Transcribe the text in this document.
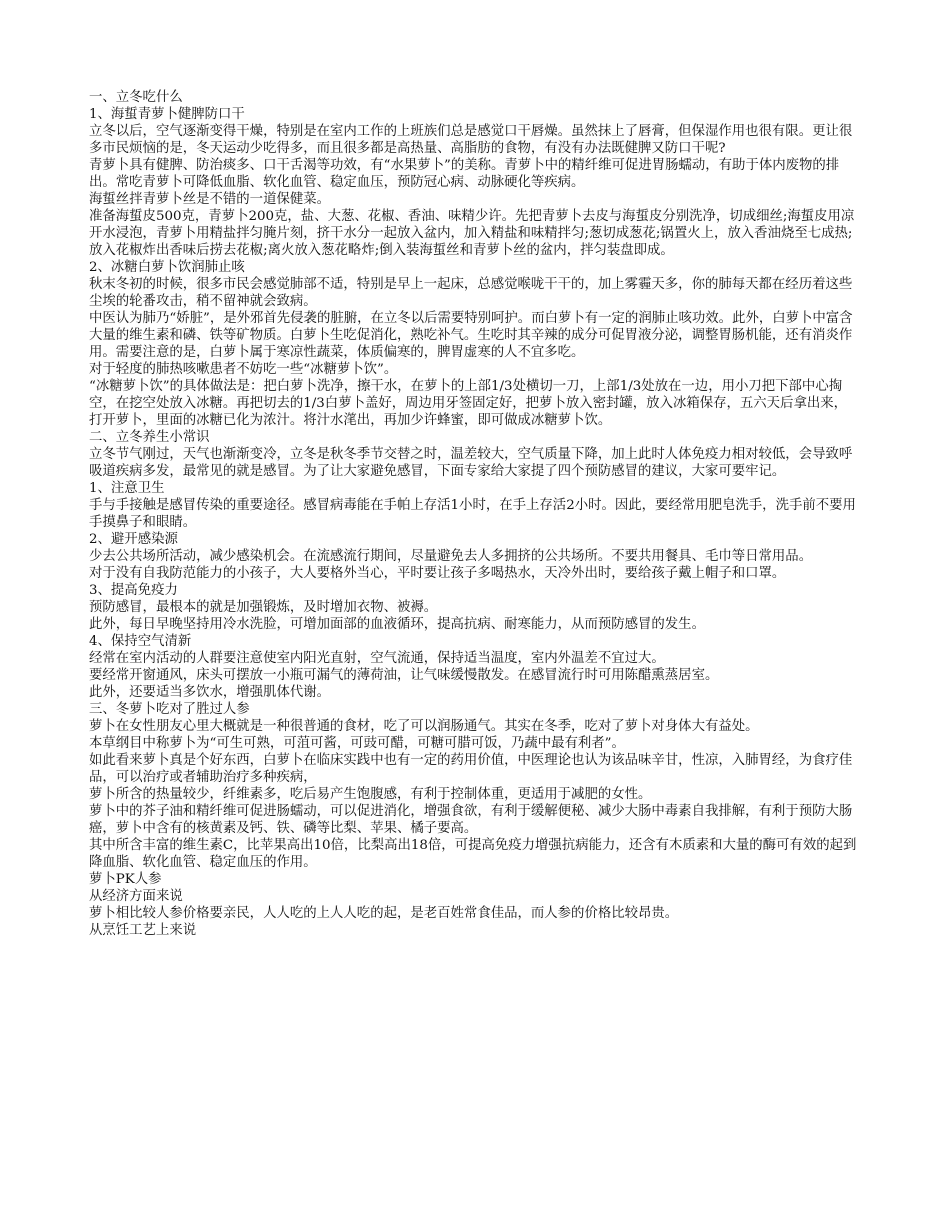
一、立冬吃什么

1、海蜇青萝卜健脾防口干

立冬以后，空气逐渐变得干燥，特别是在室内工作的上班族们总是感觉口干唇燥。虽然抹上了唇膏，但保湿作用也很有限。更让很多市民烦恼的是，冬天运动少吃得多，而且很多都是高热量、高脂肪的食物，有没有办法既健脾又防口干呢?

青萝卜具有健脾、防治痰多、口干舌渴等功效，有“水果萝卜”的美称。青萝卜中的精纤维可促进胃肠蠕动，有助于体内废物的排出。常吃青萝卜可降低血脂、软化血管、稳定血压，预防冠心病、动脉硬化等疾病。

海蜇丝拌青萝卜丝是不错的一道保健菜。

准备海蜇皮500克，青萝卜200克，盐、大葱、花椒、香油、味精少许。先把青萝卜去皮与海蜇皮分别洗净，切成细丝;海蜇皮用凉开水浸泡，青萝卜用精盐拌匀腌片刻，挤干水分一起放入盆内，加入精盐和味精拌匀;葱切成葱花;锅置火上，放入香油烧至七成热;放入花椒炸出香味后捞去花椒;离火放入葱花略炸;倒入装海蜇丝和青萝卜丝的盆内，拌匀装盘即成。

2、冰糖白萝卜饮润肺止咳

秋末冬初的时候，很多市民会感觉肺部不适，特别是早上一起床，总感觉喉咙干干的，加上雾霾天多，你的肺每天都在经历着这些尘埃的轮番攻击，稍不留神就会致病。

中医认为肺乃“娇脏”，是外邪首先侵袭的脏腑，在立冬以后需要特别呵护。而白萝卜有一定的润肺止咳功效。此外，白萝卜中富含大量的维生素和磷、铁等矿物质。白萝卜生吃促消化，熟吃补气。生吃时其辛辣的成分可促胃液分泌，调整胃肠机能，还有消炎作用。需要注意的是，白萝卜属于寒凉性蔬菜，体质偏寒的，脾胃虚寒的人不宜多吃。

对于轻度的肺热咳嗽患者不妨吃一些“冰糖萝卜饮”。

“冰糖萝卜饮”的具体做法是：把白萝卜洗净，擦干水，在萝卜的上部1/3处横切一刀，上部1/3处放在一边，用小刀把下部中心掏空，在挖空处放入冰糖。再把切去的1/3白萝卜盖好，周边用牙签固定好，把萝卜放入密封罐，放入冰箱保存，五六天后拿出来，打开萝卜，里面的冰糖已化为浓汁。将汁水滗出，再加少许蜂蜜，即可做成冰糖萝卜饮。

二、立冬养生小常识

立冬节气刚过，天气也渐渐变冷，立冬是秋冬季节交替之时，温差较大，空气质量下降，加上此时人体免疫力相对较低，会导致呼吸道疾病多发，最常见的就是感冒。为了让大家避免感冒，下面专家给大家提了四个预防感冒的建议，大家可要牢记。

1、注意卫生

手与手接触是感冒传染的重要途径。感冒病毒能在手帕上存活1小时，在手上存活2小时。因此，要经常用肥皂洗手，洗手前不要用手摸鼻子和眼睛。

2、避开感染源

少去公共场所活动，减少感染机会。在流感流行期间，尽量避免去人多拥挤的公共场所。不要共用餐具、毛巾等日常用品。

对于没有自我防范能力的小孩子，大人要格外当心，平时要让孩子多喝热水，天冷外出时，要给孩子戴上帽子和口罩。

3、提高免疫力

预防感冒，最根本的就是加强锻炼，及时增加衣物、被褥。

此外，每日早晚坚持用冷水洗脸，可增加面部的血液循环，提高抗病、耐寒能力，从而预防感冒的发生。

4、保持空气清新

经常在室内活动的人群要注意使室内阳光直射，空气流通，保持适当温度，室内外温差不宜过大。

要经常开窗通风，床头可摆放一小瓶可漏气的薄荷油，让气味缓慢散发。在感冒流行时可用陈醋熏蒸居室。

此外，还要适当多饮水，增强肌体代谢。

三、冬萝卜吃对了胜过人参

萝卜在女性朋友心里大概就是一种很普通的食材，吃了可以润肠通气。其实在冬季，吃对了萝卜对身体大有益处。

本草纲目中称萝卜为“可生可熟，可菹可酱，可豉可醋，可糖可腊可饭，乃蔬中最有利者”。

如此看来萝卜真是个好东西，白萝卜在临床实践中也有一定的药用价值，中医理论也认为该品味辛甘，性凉，入肺胃经，为食疗佳品，可以治疗或者辅助治疗多种疾病，

萝卜所含的热量较少，纤维素多，吃后易产生饱腹感，有利于控制体重，更适用于减肥的女性。

萝卜中的芥子油和精纤维可促进肠蠕动，可以促进消化，增强食欲，有利于缓解便秘、减少大肠中毒素自我排解，有利于预防大肠癌，萝卜中含有的核黄素及钙、铁、磷等比梨、苹果、橘子要高。

其中所含丰富的维生素C，比苹果高出10倍，比梨高出18倍，可提高免疫力增强抗病能力，还含有木质素和大量的酶可有效的起到降血脂、软化血管、稳定血压的作用。

萝卜PK人参

从经济方面来说

萝卜相比较人参价格要亲民，人人吃的上人人吃的起，是老百姓常食佳品，而人参的价格比较昂贵。

从烹饪工艺上来说
